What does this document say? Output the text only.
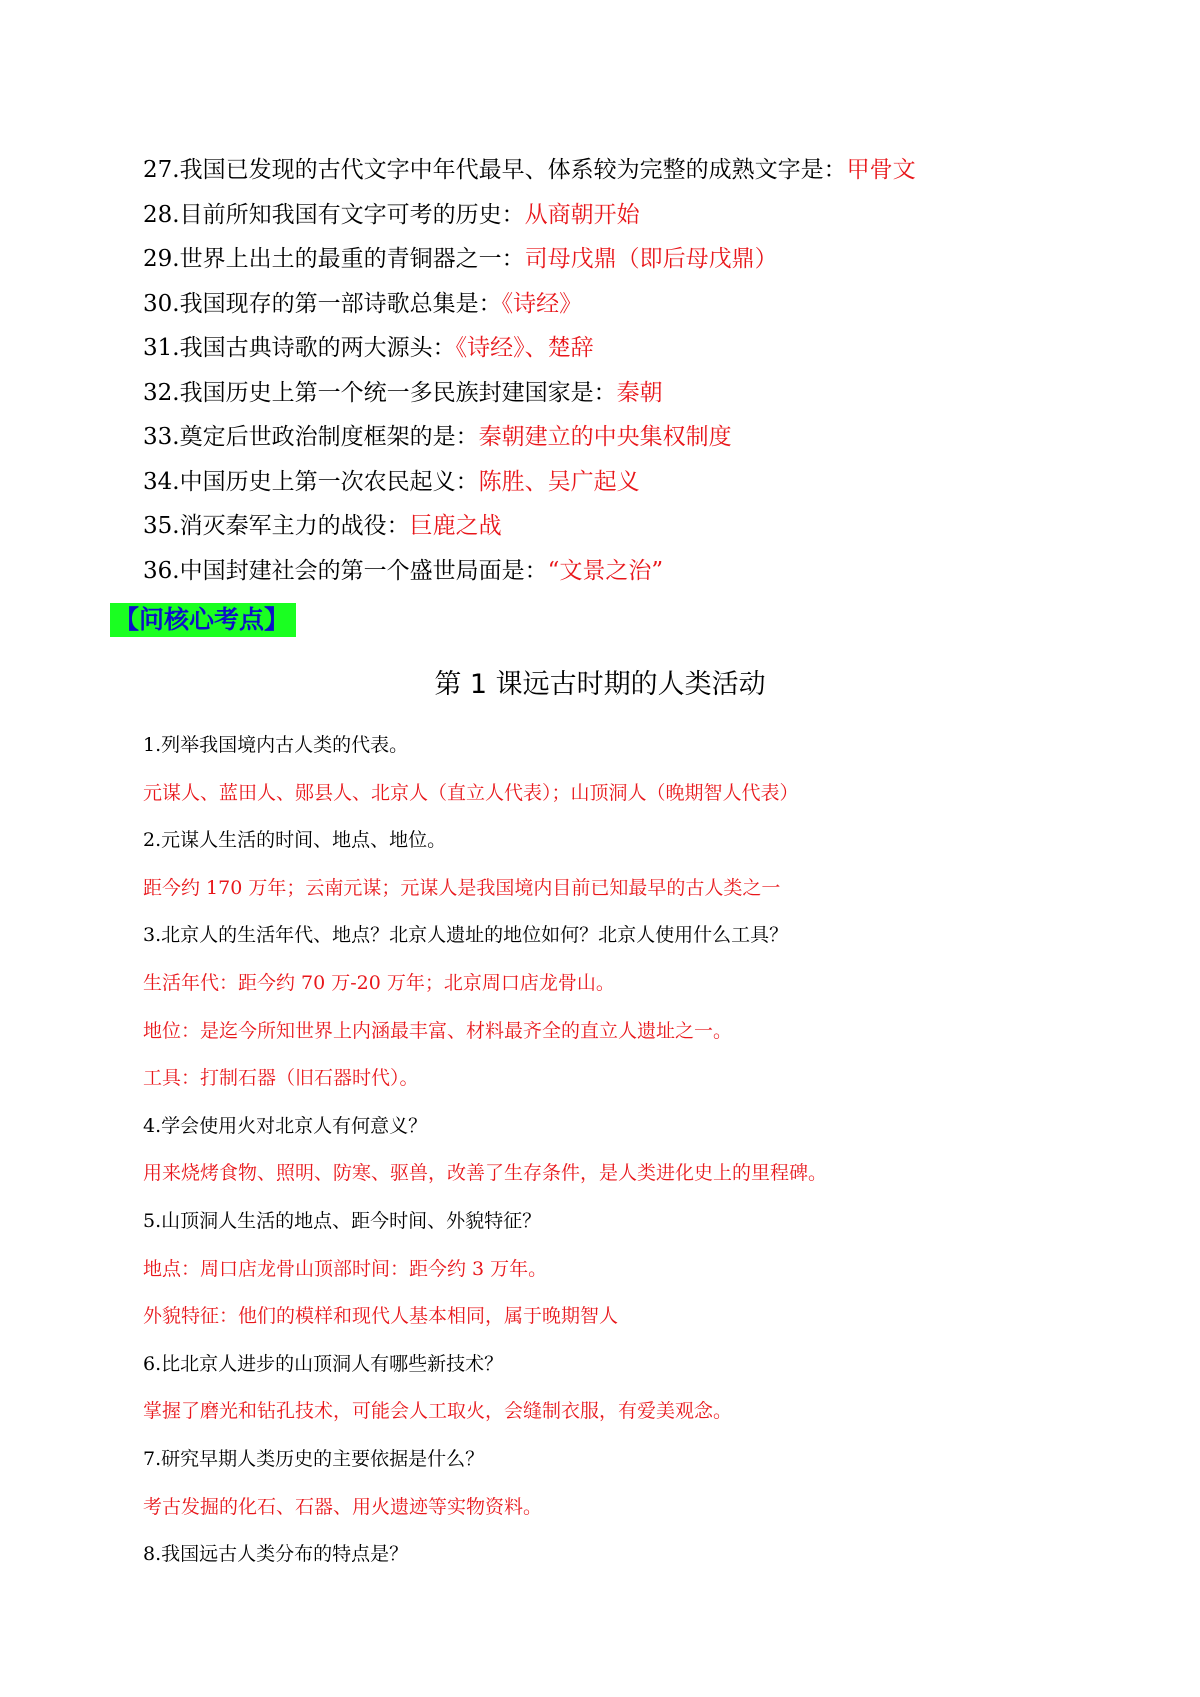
27.我国已发现的古代文字中年代最早、体系较为完整的成熟文字是：甲骨文
28.目前所知我国有文字可考的历史：从商朝开始
29.世界上出土的最重的青铜器之一：司母戊鼎（即后母戊鼎）
30.我国现存的第一部诗歌总集是：《诗经》
31.我国古典诗歌的两大源头：《诗经》、楚辞
32.我国历史上第一个统一多民族封建国家是：秦朝
33.奠定后世政治制度框架的是：秦朝建立的中央集权制度
34.中国历史上第一次农民起义：陈胜、吴广起义
35.消灭秦军主力的战役：巨鹿之战
36.中国封建社会的第一个盛世局面是：“文景之治”
【问核心考点】
第 1 课远古时期的人类活动
1.列举我国境内古人类的代表。
元谋人、蓝田人、郧县人、北京人（直立人代表）；山顶洞人（晚期智人代表）
2.元谋人生活的时间、地点、地位。
距今约 170 万年；云南元谋；元谋人是我国境内目前已知最早的古人类之一
3.北京人的生活年代、地点？北京人遗址的地位如何？北京人使用什么工具？
生活年代：距今约 70 万-20 万年；北京周口店龙骨山。
地位：是迄今所知世界上内涵最丰富、材料最齐全的直立人遗址之一。
工具：打制石器（旧石器时代）。
4.学会使用火对北京人有何意义？
用来烧烤食物、照明、防寒、驱兽，改善了生存条件，是人类进化史上的里程碑。
5.山顶洞人生活的地点、距今时间、外貌特征？
地点：周口店龙骨山顶部时间：距今约 3 万年。
外貌特征：他们的模样和现代人基本相同，属于晚期智人
6.比北京人进步的山顶洞人有哪些新技术？
掌握了磨光和钻孔技术，可能会人工取火，会缝制衣服，有爱美观念。
7.研究早期人类历史的主要依据是什么？
考古发掘的化石、石器、用火遗迹等实物资料。
8.我国远古人类分布的特点是？
